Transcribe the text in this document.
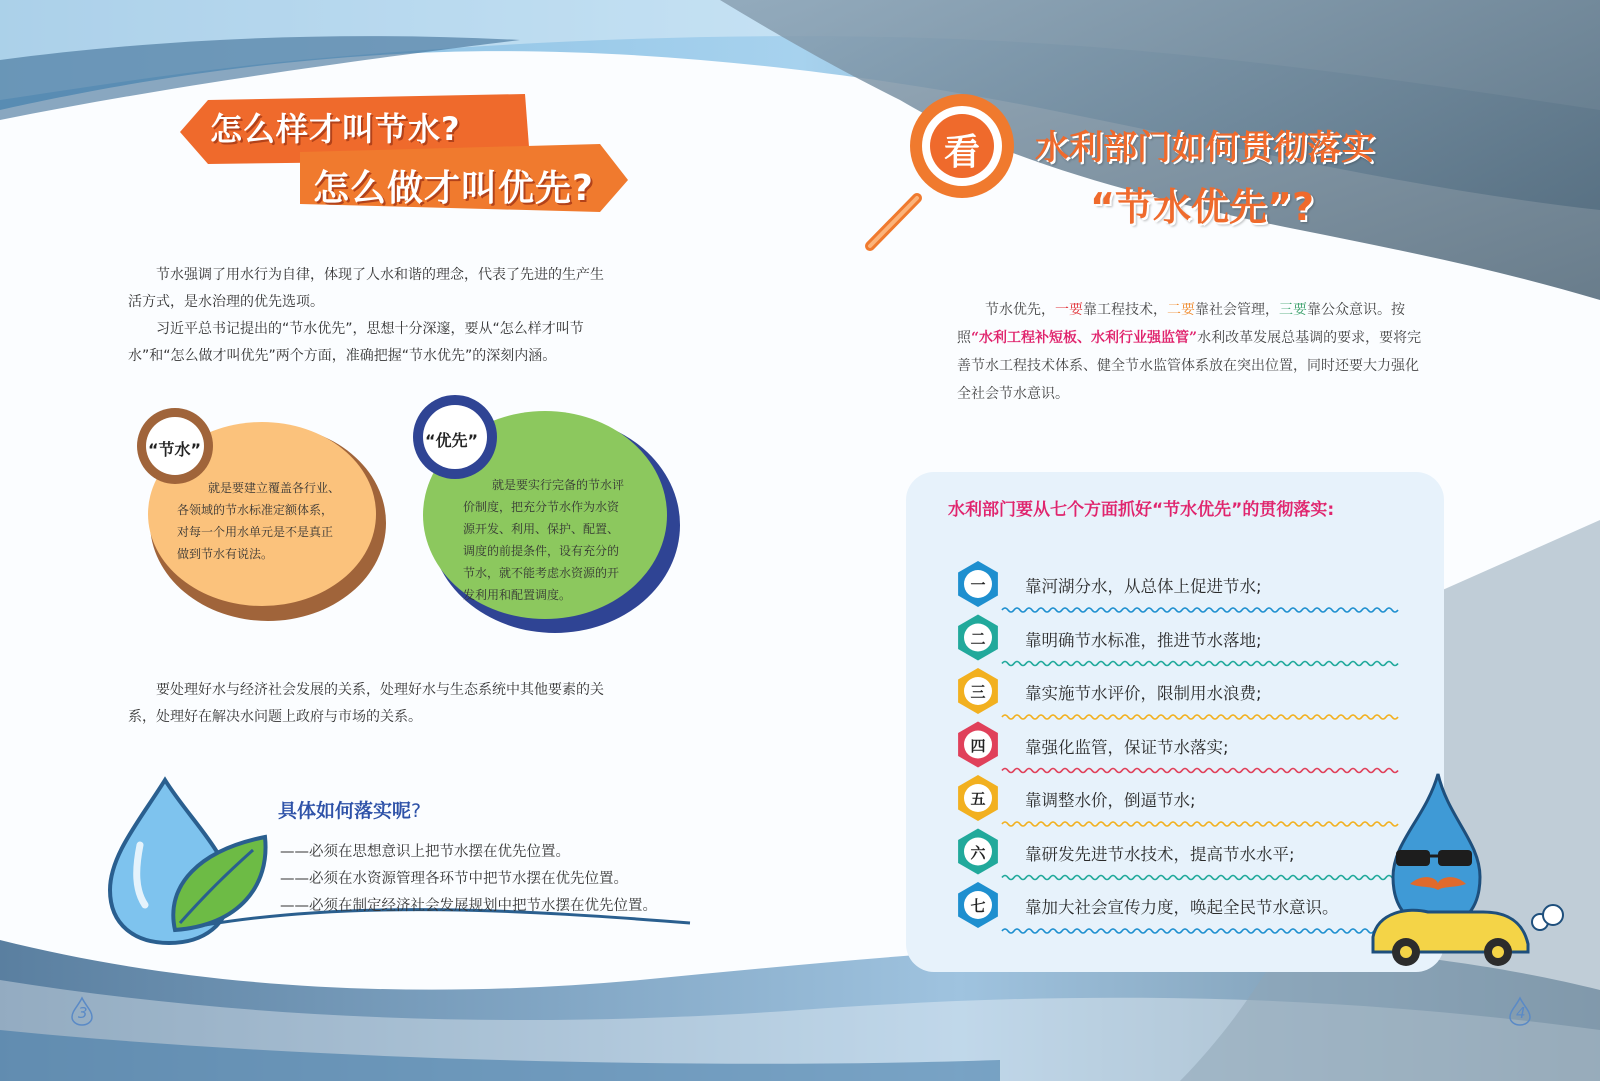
怎么样才叫节水?
怎么做才叫优先?
节水强调了用水行为自律，体现了人水和谐的理念，代表了先进的生产生
活方式，是水治理的优先选项。
习近平总书记提出的“节水优先”，思想十分深邃，要从“怎么样才叫节
水”和“怎么做才叫优先”两个方面，准确把握“节水优先”的深刻内涵。
“节水”
就是要建立覆盖各行业、
各领域的节水标准定额体系，
对每一个用水单元是不是真正
做到节水有说法。
“优先”
就是要实行完备的节水评
价制度，把充分节水作为水资
源开发、利用、保护、配置、
调度的前提条件，设有充分的
节水，就不能考虑水资源的开
发利用和配置调度。
要处理好水与经济社会发展的关系，处理好水与生态系统中其他要素的关
系，处理好在解决水问题上政府与市场的关系。
具体如何落实呢?
——必须在思想意识上把节水摆在优先位置。
——必须在水资源管理各环节中把节水摆在优先位置。
——必须在制定经济社会发展规划中把节水摆在优先位置。
3
看 水利部门如何贯彻落实
“节水优先”?
节水优先，一要靠工程技术，二要靠社会管理，三要靠公众意识。按照“水利工程补短板、水利行业强监管”水利改革发展总基调的要求，要将完善节水工程技术体系、健全节水监管体系放在突出位置，同时还要大力强化全社会节水意识。
水利部门要从七个方面抓好“节水优先”的贯彻落实:
一	靠河湖分水，从总体上促进节水;
二	靠明确节水标准，推进节水落地;
三	靠实施节水评价，限制用水浪费;
四	靠强化监管，保证节水落实;
五	靠调整水价，倒逼节水;
六	靠研发先进节水技术，提高节水水平;
七	靠加大社会宣传力度，唤起全民节水意识。
4
